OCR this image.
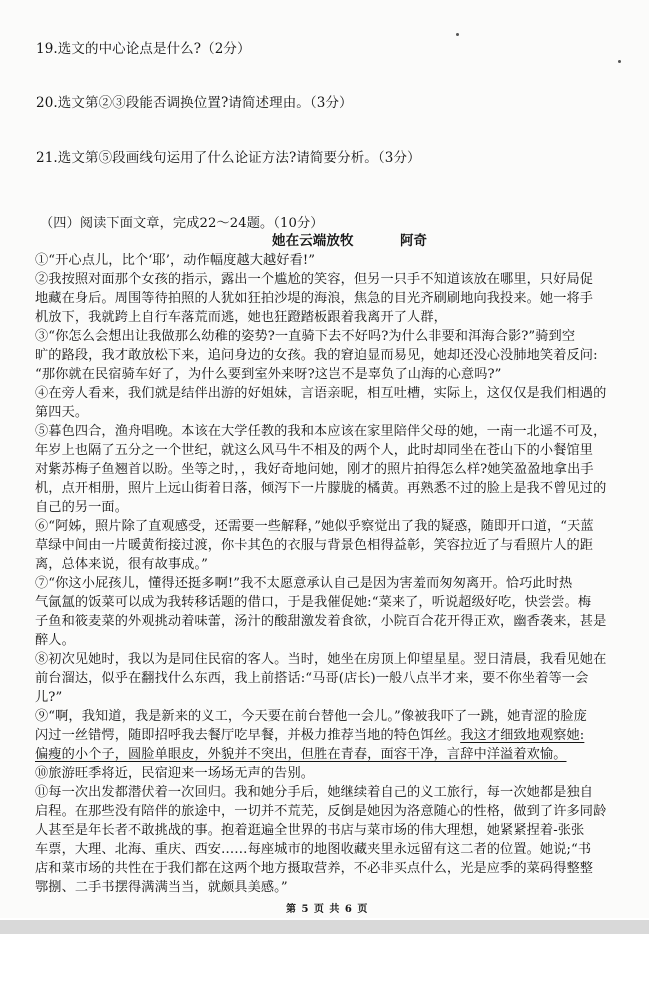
19.选文的中心论点是什么?（2分）
20.选文第②③段能否调换位置?请简述理由。（3分）
21.选文第⑤段画线句运用了什么论证方法?请简要分析。（3分）
（四）阅读下面文章，完成22～24题。（10分）
她在云端放牧	阿奇
①“开心点儿，比个‘耶’，动作幅度越大越好看!”
②我按照对面那个女孩的指示，露出一个尴尬的笑容，但另一只手不知道该放在哪里，只好局促
地藏在身后。周围等待拍照的人犹如狂拍沙堤的海浪，焦急的目光齐刷刷地向我投来。她一将手
机放下，我就跨上自行车落荒而逃，她也狂蹬踏板跟着我离开了人群，
③“你怎么会想出让我做那么幼稚的姿势?一直骑下去不好吗?为什么非要和洱海合影?”骑到空
旷的路段，我才敢放松下来，追问身边的女孩。我的窘迫显而易见，她却还没心没肺地笑着反问:
“那你就在民宿骑车好了，为什么要到室外来呀?这岂不是辜负了山海的心意吗?”
④在旁人看来，我们就是结伴出游的好姐妹，言语亲昵，相互吐槽，实际上，这仅仅是我们相遇的
第四天。
⑤暮色四合，渔舟唱晚。本该在大学任教的我和本应该在家里陪伴父母的她，一南一北遥不可及，
年岁上也隔了五分之一个世纪，就这么风马牛不相及的两个人，此时却同坐在苍山下的小餐馆里
对紫苏梅子鱼翘首以盼。坐等之时，，我好奇地问她，刚才的照片拍得怎么样?她笑盈盈地拿出手
机，点开相册，照片上远山街着日落，倾泻下一片朦胧的橘黄。再熟悉不过的脸上是我不曾见过的
自己的另一面。
⑥“阿姊，照片除了直观感受，还需要一些解释，”她似乎察觉出了我的疑惑，随即开口道，“天蓝
草绿中间由一片暖黄衔接过渡，你卡其色的衣服与背景色相得益彰，笑容拉近了与看照片人的距
离，总体来说，很有故事成。”
⑦“你这小屁孩儿，懂得还挺多啊!”我不太愿意承认自己是因为害羞而匆匆离开。恰巧此时热
气氤氲的饭菜可以成为我转移话题的借口，于是我催促她:“菜来了，听说超级好吃，快尝尝。梅
子鱼和筱麦菜的外观挑动着味蕾，汤汁的酸甜激发着食欲，小院百合花开得正欢，幽香袭来，甚是
醉人。
⑧初次见她时，我以为是同住民宿的客人。当时，她坐在房顶上仰望星星。翌日清晨，我看见她在
前台溜达，似乎在翻找什么东西，我上前搭话:“马哥(店长)一般八点半才来，要不你坐着等一会
儿?”
⑨“啊，我知道，我是新来的义工，今天要在前台替他一会儿。”像被我吓了一跳，她青涩的脸庞
闪过一丝错愕，随即招呼我去餐厅吃早餐，并极力推荐当地的特色饵丝。我这才细致地观察她:
偏瘦的小个子，圆脸单眼皮，外貌并不突出，但胜在青春，面容干净，言辞中洋溢着欢愉。
⑩旅游旺季将近，民宿迎来一场场无声的告别。
⑪每一次出发都潜伏着一次回归。我和她分手后，她继续着自己的义工旅行，每一次她都是独自
启程。在那些没有陪伴的旅途中，一切并不荒芜，反倒是她因为洛意随心的性格，做到了许多同龄
人甚至是年长者不敢挑战的事。抱着逛遍全世界的书店与菜市场的伟大理想，她紧紧捏着-张张
车票，大理、北海、重庆、西安……每座城市的地图收藏夹里永远留有这二者的位置。她说;“书
店和菜市场的共性在于我们都在这两个地方摄取营养，不必非买点什么，光是应季的菜码得整整
鄂捌、二手书摆得满满当当，就颇具美感。”
第 5 页 共 6 页
